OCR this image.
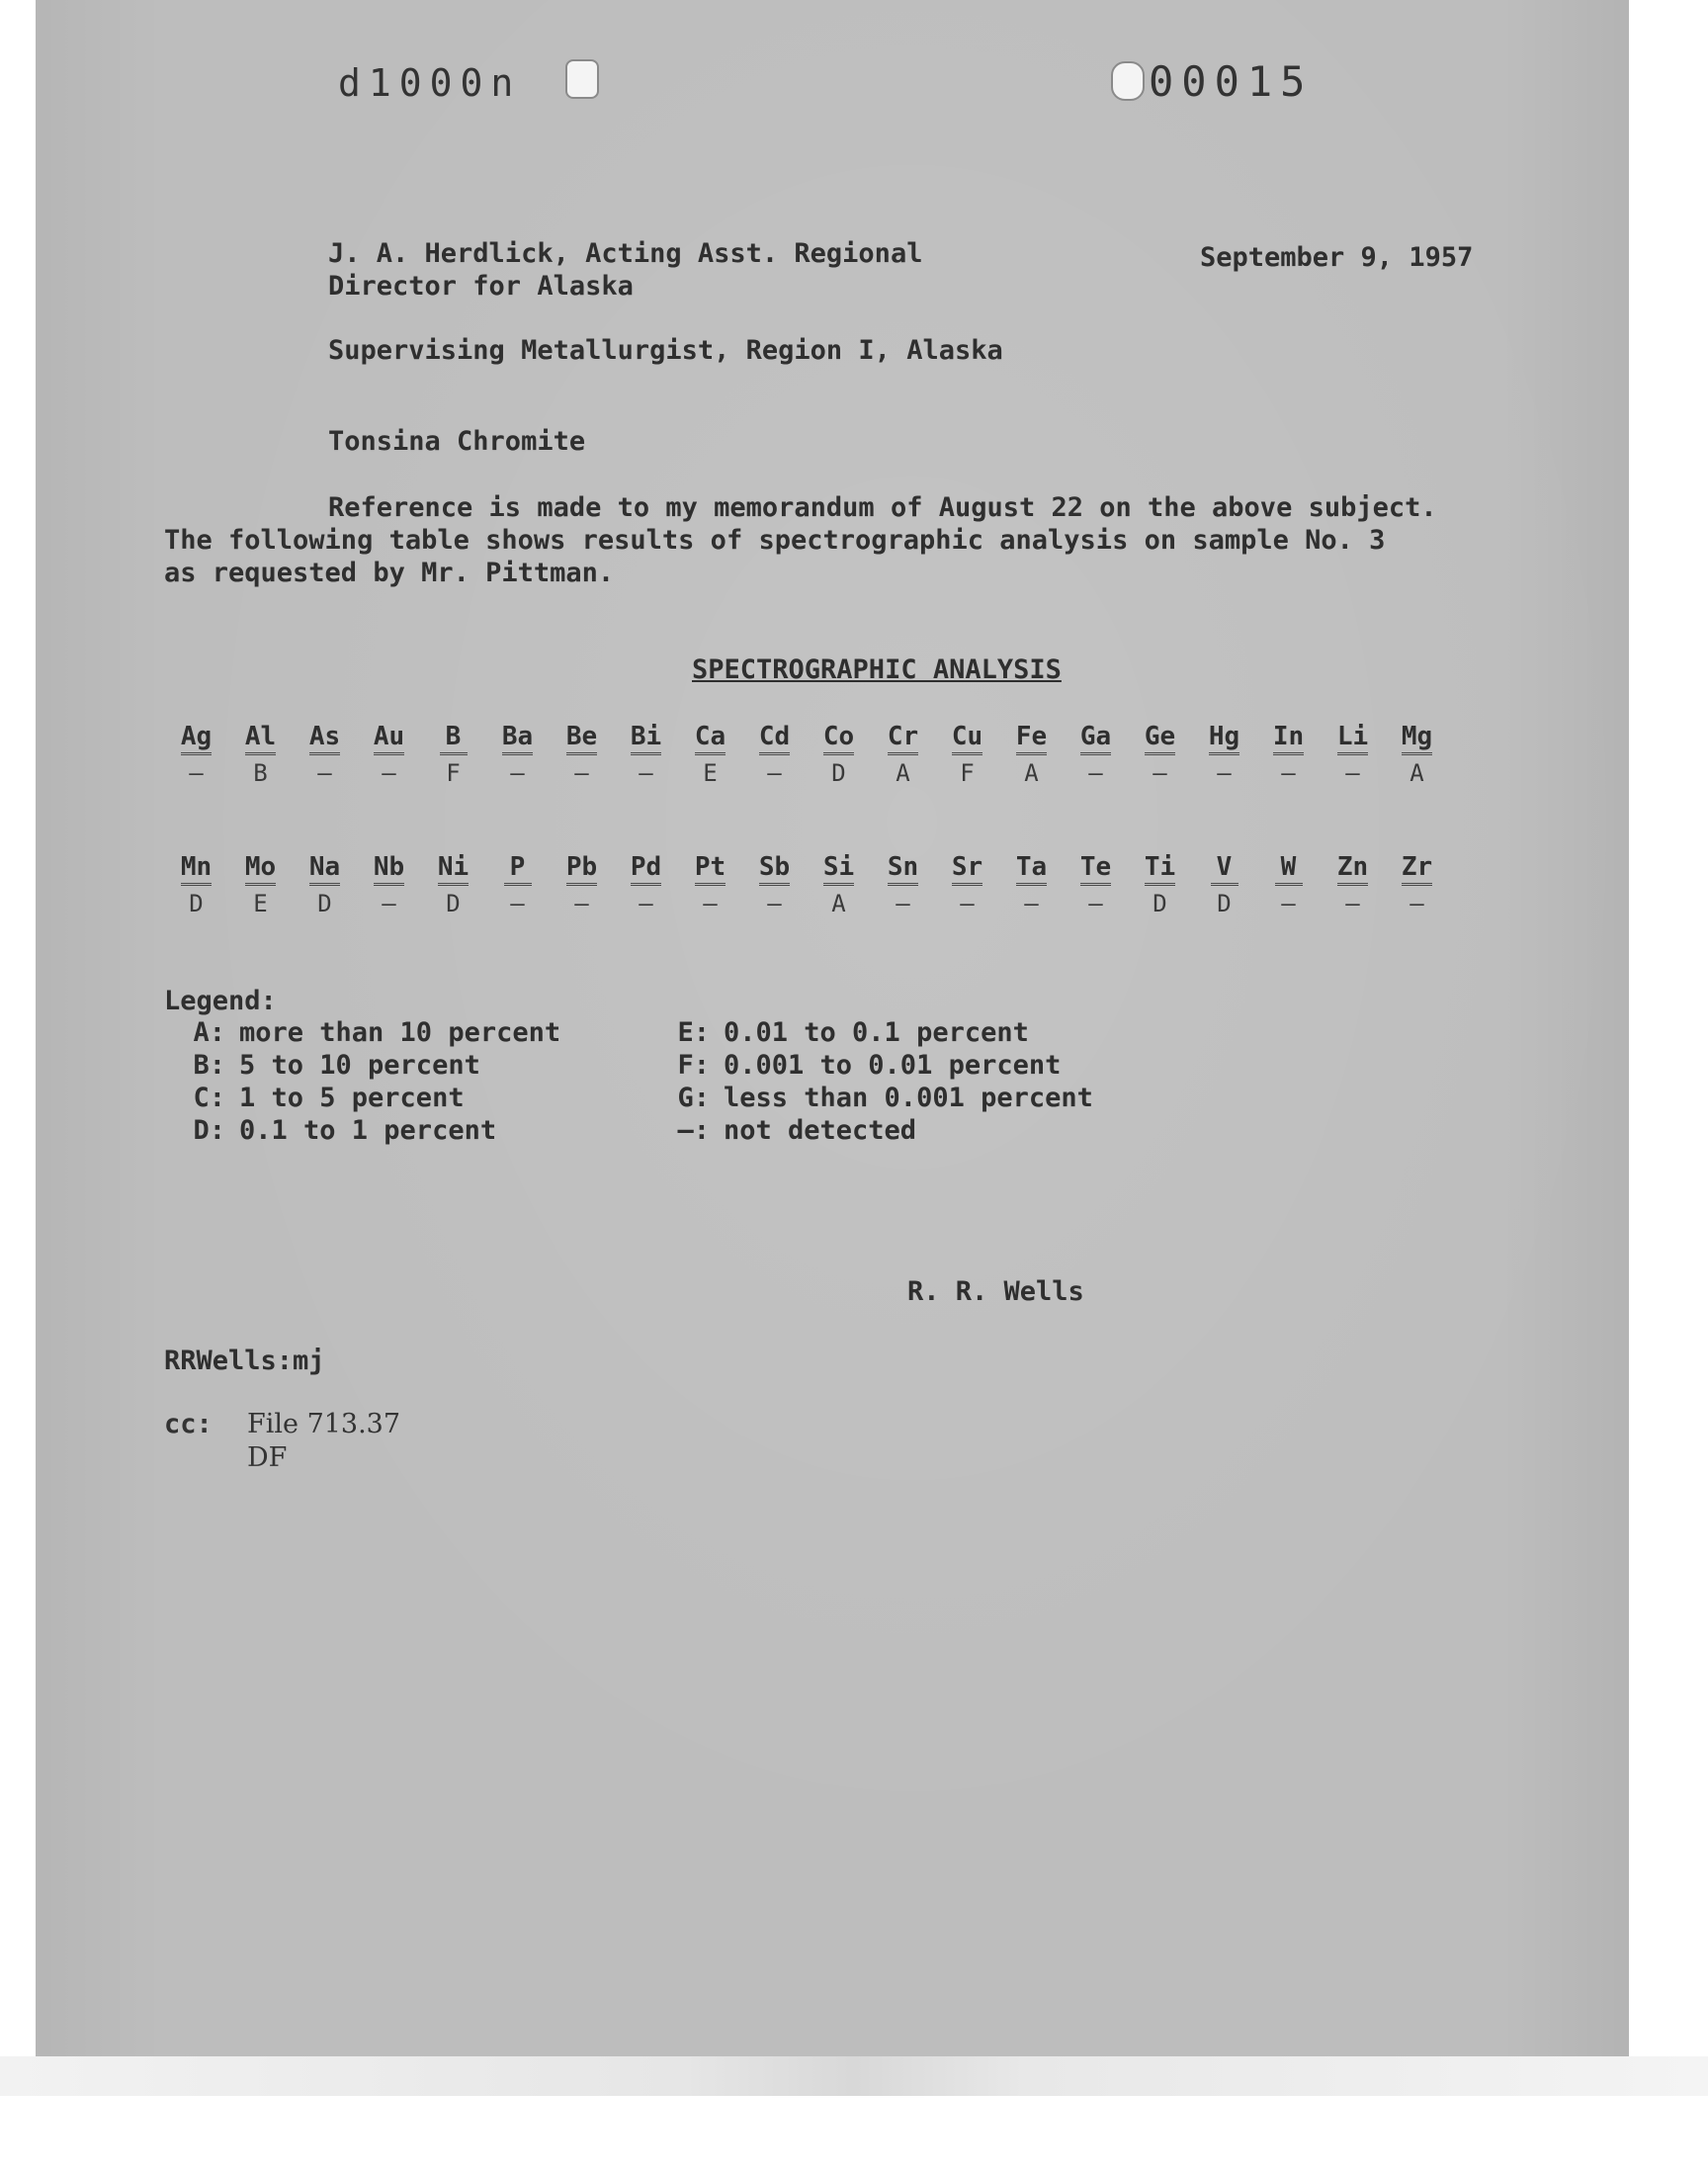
d1000n	00015
J. A. Herdlick, Acting Asst. Regional
Director for Alaska
September 9, 1957
Supervising Metallurgist, Region I, Alaska
Tonsina Chromite
Reference is made to my memorandum of August 22 on the above subject.
The following table shows results of spectrographic analysis on sample No. 3
as requested by Mr. Pittman.
SPECTROGRAPHIC ANALYSIS
Ag
—
Al
B
As
—
Au
—
B
F
Ba
—
Be
—
Bi
—
Ca
E
Cd
—
Co
D
Cr
A
Cu
F
Fe
A
Ga
—
Ge
—
Hg
—
In
—
Li
—
Mg
A
Mn
D
Mo
E
Na
D
Nb
—
Ni
D
P
—
Pb
—
Pd
—
Pt
—
Sb
—
Si
A
Sn
—
Sr
—
Ta
—
Te
—
Ti
D
V
D
W
—
Zn
—
Zr
—
Legend:
A: more than 10 percent
B: 5 to 10 percent
C: 1 to 5 percent
D: 0.1 to 1 percent
E: 0.01 to 0.1 percent
F: 0.001 to 0.01 percent
G: less than 0.001 percent
—: not detected
R. R. Wells
RRWells:mj
cc: File 713.37
DF
